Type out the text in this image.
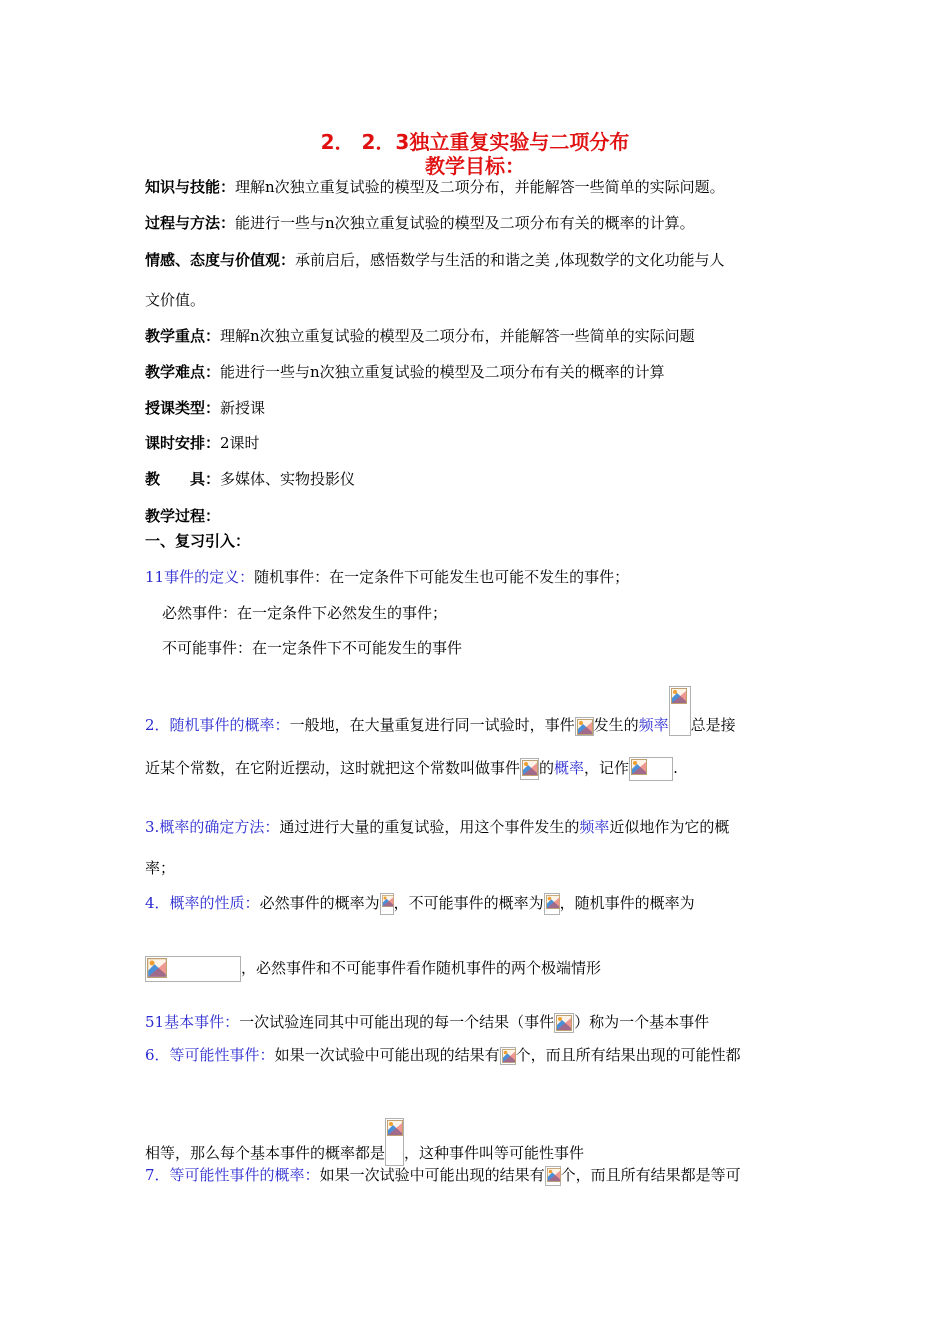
2． 2．3独立重复实验与二项分布
教学目标：
知识与技能：理解n次独立重复试验的模型及二项分布，并能解答一些简单的实际问题。
过程与方法：能进行一些与n次独立重复试验的模型及二项分布有关的概率的计算。
情感、态度与价值观：承前启后，感悟数学与生活的和谐之美 ,体现数学的文化功能与人
文价值。
教学重点：理解n次独立重复试验的模型及二项分布，并能解答一些简单的实际问题
教学难点：能进行一些与n次独立重复试验的模型及二项分布有关的概率的计算
授课类型：新授课
课时安排：2课时
教　　具：多媒体、实物投影仪
教学过程：
一、复习引入：
11事件的定义：随机事件：在一定条件下可能发生也可能不发生的事件；
必然事件：在一定条件下必然发生的事件；
不可能事件：在一定条件下不可能发生的事件
2．随机事件的概率：一般地，在大量重复进行同一试验时，事件 发生的频率 总是接
近某个常数，在它附近摆动，这时就把这个常数叫做事件 的概率，记作	.
3.概率的确定方法：通过进行大量的重复试验，用这个事件发生的频率近似地作为它的概
率；
4．概率的性质：必然事件的概率为 ，不可能事件的概率为 ，随机事件的概率为
，必然事件和不可能事件看作随机事件的两个极端情形
51基本事件：一次试验连同其中可能出现的每一个结果（事件 ）称为一个基本事件
6．等可能性事件：如果一次试验中可能出现的结果有 个，而且所有结果出现的可能性都
相等，那么每个基本事件的概率都是 ，这种事件叫等可能性事件
7．等可能性事件的概率：如果一次试验中可能出现的结果有 个，而且所有结果都是等可
